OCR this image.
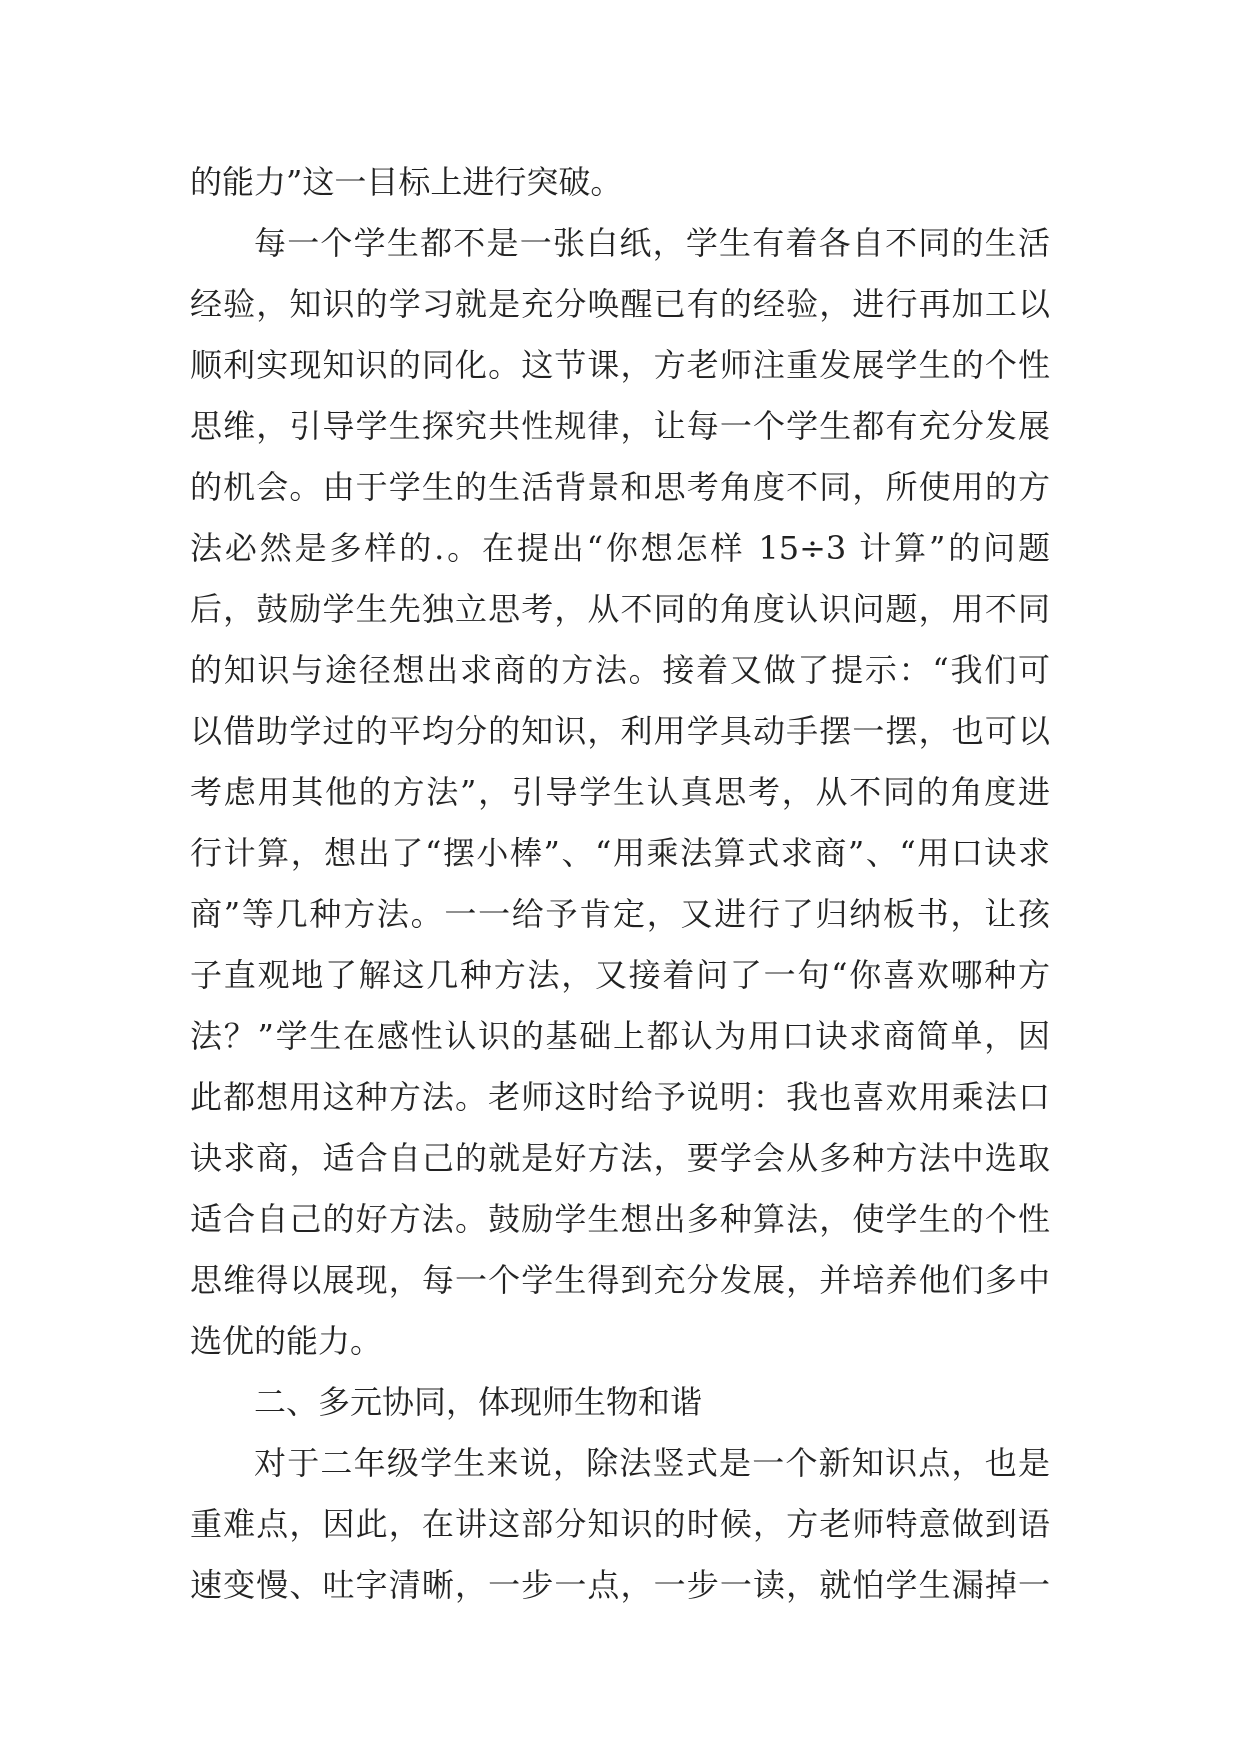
的能力”这一目标上进行突破。
每一个学生都不是一张白纸，学生有着各自不同的生活
经验，知识的学习就是充分唤醒已有的经验，进行再加工以
顺利实现知识的同化。这节课，方老师注重发展学生的个性
思维，引导学生探究共性规律，让每一个学生都有充分发展
的机会。由于学生的生活背景和思考角度不同，所使用的方
法必然是多样的.。在提出“你想怎样 15÷3 计算”的问题
后，鼓励学生先独立思考，从不同的角度认识问题，用不同
的知识与途径想出求商的方法。接着又做了提示：“我们可
以借助学过的平均分的知识，利用学具动手摆一摆，也可以
考虑用其他的方法”，引导学生认真思考，从不同的角度进
行计算，想出了“摆小棒”、“用乘法算式求商”、“用口诀求
商”等几种方法。一一给予肯定，又进行了归纳板书，让孩
子直观地了解这几种方法，又接着问了一句“你喜欢哪种方
法？”学生在感性认识的基础上都认为用口诀求商简单，因
此都想用这种方法。老师这时给予说明：我也喜欢用乘法口
诀求商，适合自己的就是好方法，要学会从多种方法中选取
适合自己的好方法。鼓励学生想出多种算法，使学生的个性
思维得以展现，每一个学生得到充分发展，并培养他们多中
选优的能力。
二、多元协同，体现师生物和谐
对于二年级学生来说，除法竖式是一个新知识点，也是
重难点，因此，在讲这部分知识的时候，方老师特意做到语
速变慢、吐字清晰，一步一点，一步一读，就怕学生漏掉一
